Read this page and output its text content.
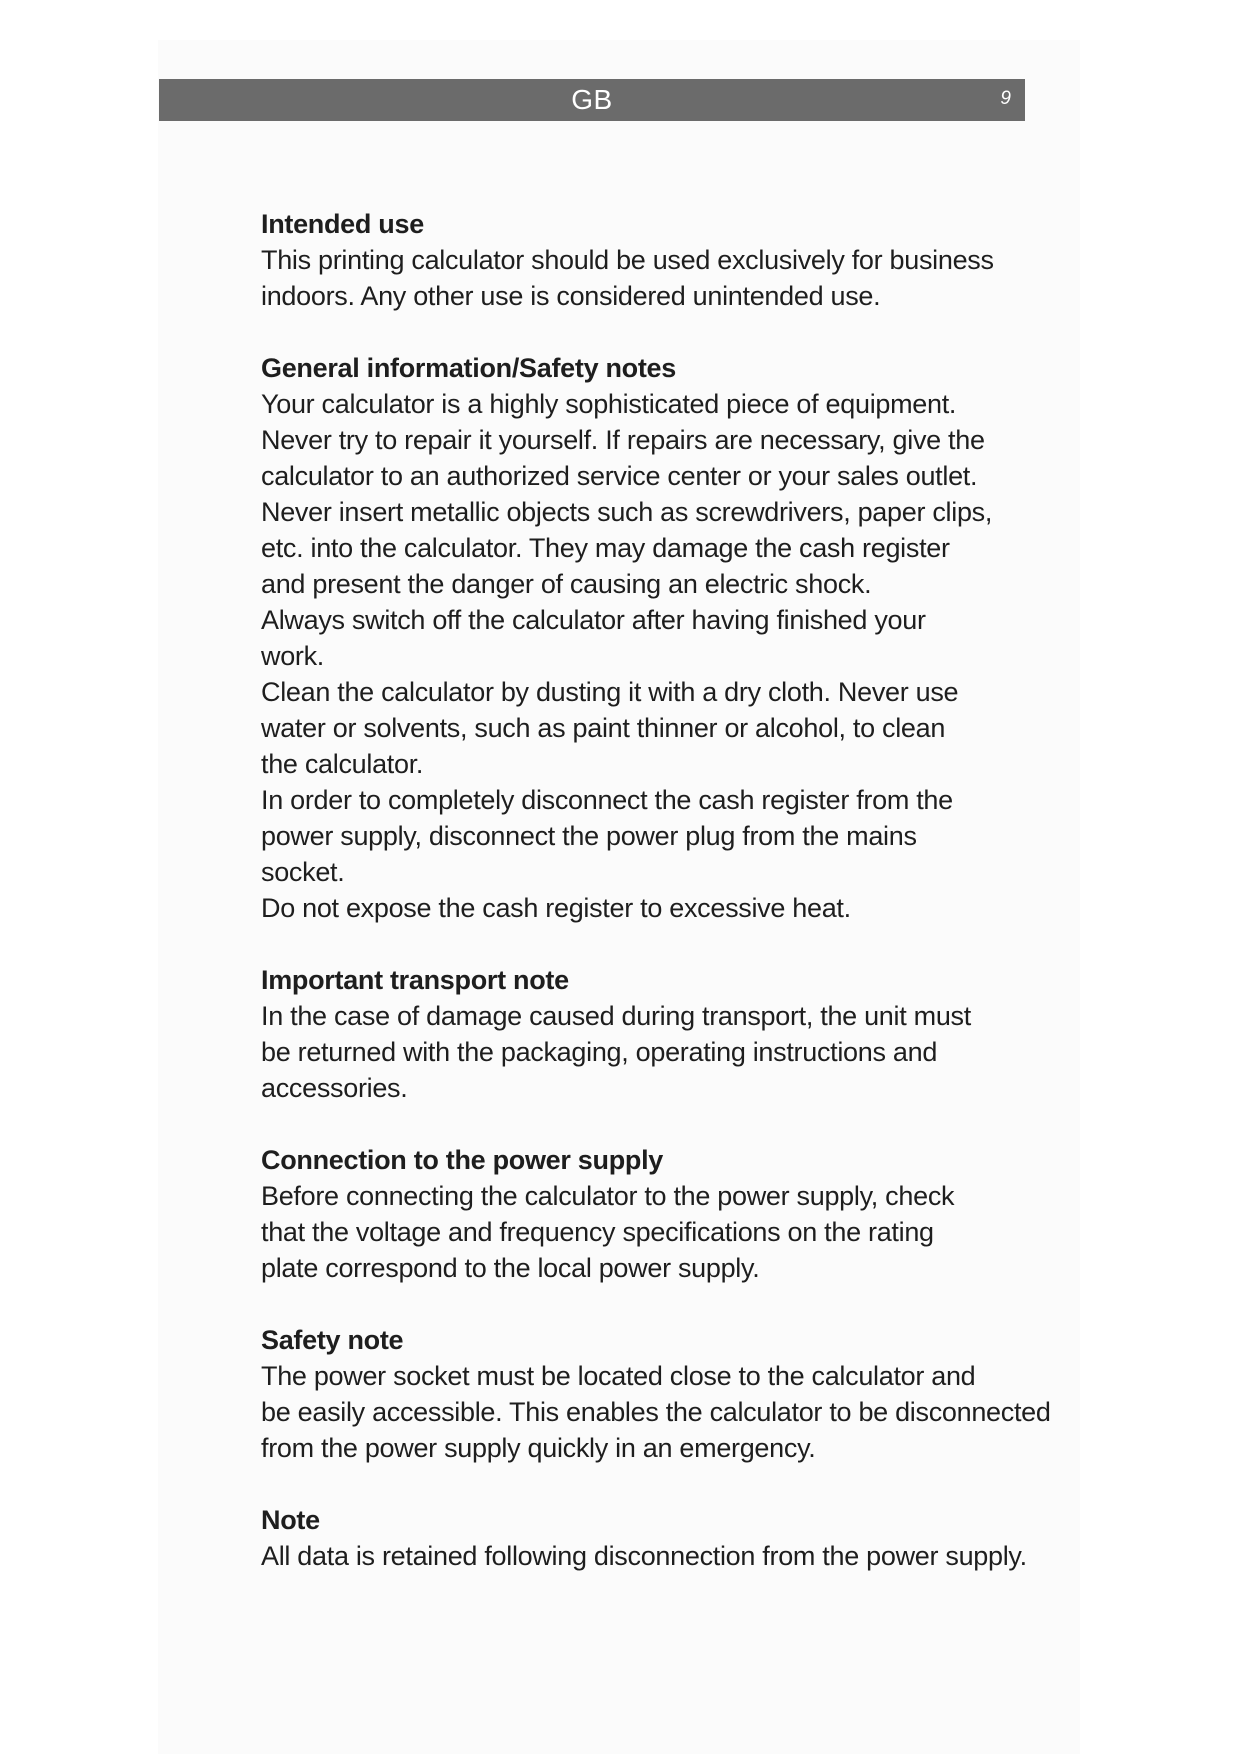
GB	9
Intended use
This printing calculator should be used exclusively for business
indoors. Any other use is considered unintended use.
General information/Safety notes
Your calculator is a highly sophisticated piece of equipment.
Never try to repair it yourself. If repairs are necessary, give the
calculator to an authorized service center or your sales outlet.
Never insert metallic objects such as screwdrivers, paper clips,
etc. into the calculator. They may damage the cash register
and present the danger of causing an electric shock.
Always switch off the calculator after having finished your
work.
Clean the calculator by dusting it with a dry cloth. Never use
water or solvents, such as paint thinner or alcohol, to clean
the calculator.
In order to completely disconnect the cash register from the
power supply, disconnect the power plug from the mains
socket.
Do not expose the cash register to excessive heat.
Important transport note
In the case of damage caused during transport, the unit must
be returned with the packaging, operating instructions and
accessories.
Connection to the power supply
Before connecting the calculator to the power supply, check
that the voltage and frequency specifications on the rating
plate correspond to the local power supply.
Safety note
The power socket must be located close to the calculator and
be easily accessible. This enables the calculator to be disconnected
from the power supply quickly in an emergency.
Note
All data is retained following disconnection from the power supply.
